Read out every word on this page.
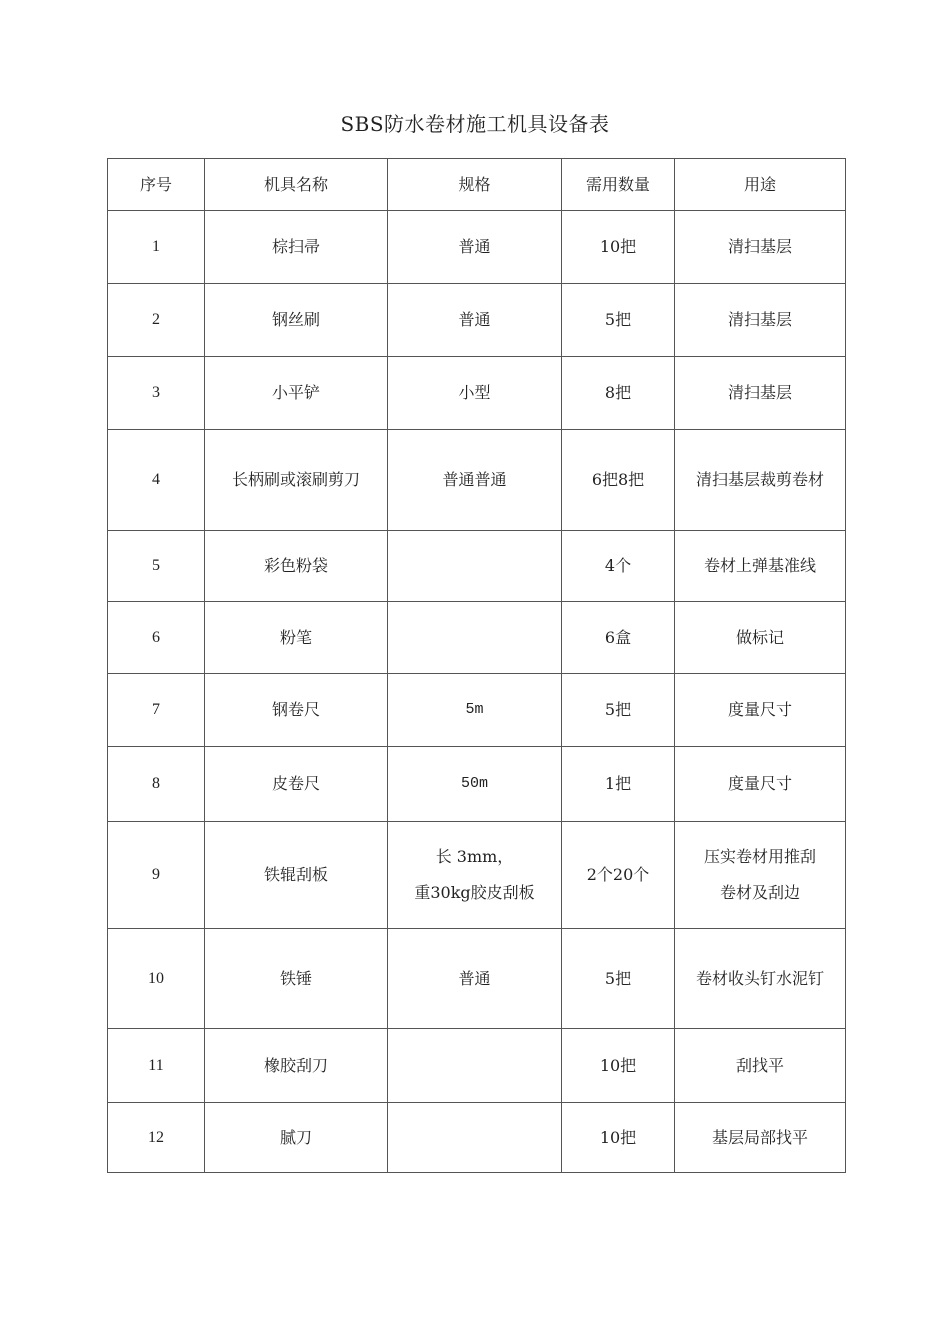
SBS防水卷材施工机具设备表
序号	机具名称	规格	需用数量	用途
1	棕扫帚	普通	10把	清扫基层

2	钢丝刷	普通	5把	清扫基层

3	小平铲	小型	8把	清扫基层

4	长柄刷或滚刷剪刀	普通普通	6把8把	清扫基层裁剪卷材

5	彩色粉袋		4个	卷材上弹基准线

6	粉笔		6盒	做标记

7	钢卷尺	5m	5把	度量尺寸

8	皮卷尺	50m	1把	度量尺寸

9	铁辊刮板	长 3mm，
重30kg胶皮刮板	2个20个	压实卷材用推刮
卷材及刮边

10	铁锤	普通	5把	卷材收头钉水泥钉

11	橡胶刮刀		10把	刮找平

12	腻刀		10把	基层局部找平
